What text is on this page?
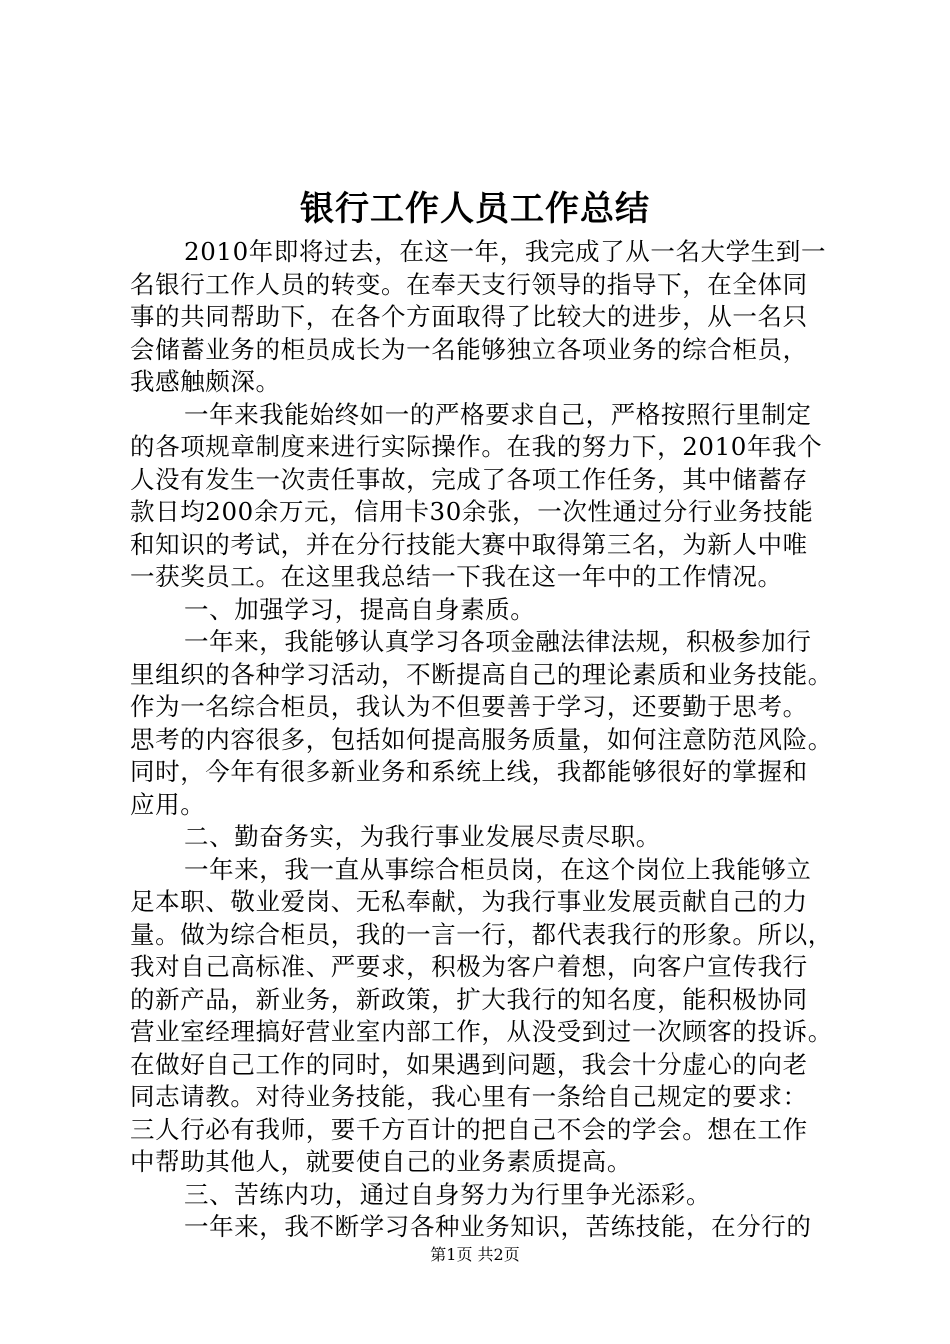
银行工作人员工作总结
2010年即将过去，在这一年，我完成了从一名大学生到一
名银行工作人员的转变。在奉天支行领导的指导下，在全体同
事的共同帮助下，在各个方面取得了比较大的进步，从一名只
会储蓄业务的柜员成长为一名能够独立各项业务的综合柜员，
我感触颇深。
一年来我能始终如一的严格要求自己，严格按照行里制定
的各项规章制度来进行实际操作。在我的努力下，2010年我个
人没有发生一次责任事故，完成了各项工作任务，其中储蓄存
款日均200余万元，信用卡30余张，一次性通过分行业务技能
和知识的考试，并在分行技能大赛中取得第三名，为新人中唯
一获奖员工。在这里我总结一下我在这一年中的工作情况。
一、加强学习，提高自身素质。
一年来，我能够认真学习各项金融法律法规，积极参加行
里组织的各种学习活动，不断提高自己的理论素质和业务技能。
作为一名综合柜员，我认为不但要善于学习，还要勤于思考。
思考的内容很多，包括如何提高服务质量，如何注意防范风险。
同时，今年有很多新业务和系统上线，我都能够很好的掌握和
应用。
二、勤奋务实，为我行事业发展尽责尽职。
一年来，我一直从事综合柜员岗，在这个岗位上我能够立
足本职、敬业爱岗、无私奉献，为我行事业发展贡献自己的力
量。做为综合柜员，我的一言一行，都代表我行的形象。所以，
我对自己高标准、严要求，积极为客户着想，向客户宣传我行
的新产品，新业务，新政策，扩大我行的知名度，能积极协同
营业室经理搞好营业室内部工作，从没受到过一次顾客的投诉。
在做好自己工作的同时，如果遇到问题，我会十分虚心的向老
同志请教。对待业务技能，我心里有一条给自己规定的要求：
三人行必有我师，要千方百计的把自己不会的学会。想在工作
中帮助其他人，就要使自己的业务素质提高。
三、苦练内功，通过自身努力为行里争光添彩。
一年来，我不断学习各种业务知识，苦练技能，在分行的
第1页 共2页
